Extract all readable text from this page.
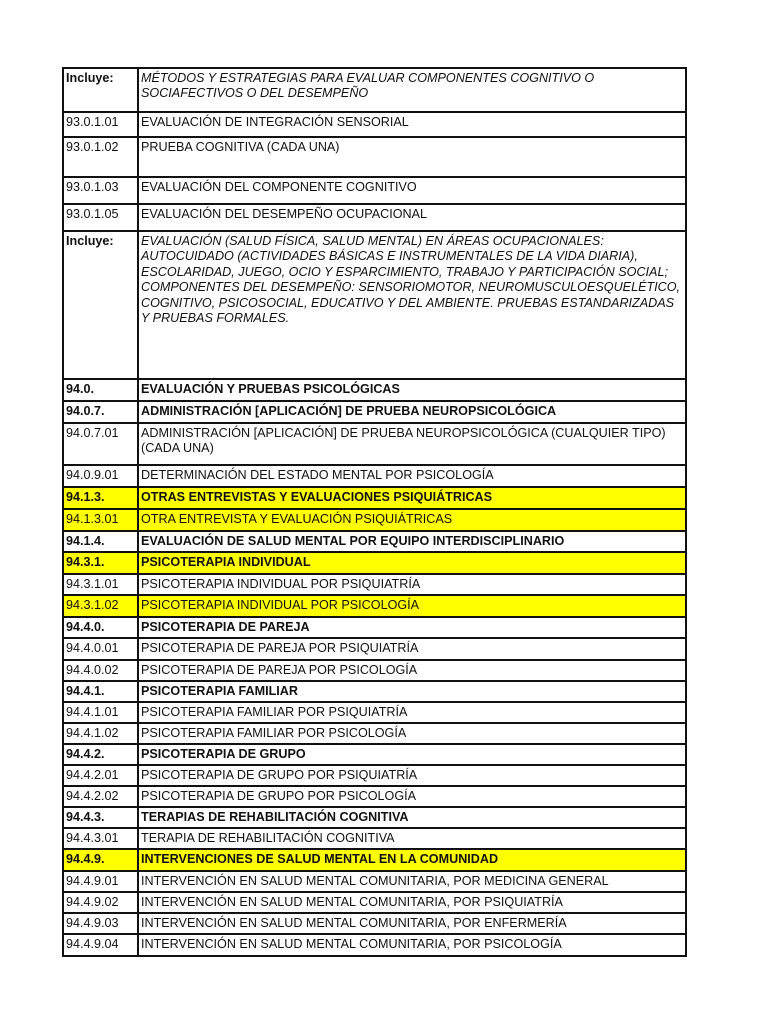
Incluye:	MÉTODOS Y ESTRATEGIAS PARA EVALUAR COMPONENTES COGNITIVO O SOCIAFECTIVOS O DEL DESEMPEÑO
93.0.1.01	EVALUACIÓN DE INTEGRACIÓN SENSORIAL
93.0.1.02	PRUEBA COGNITIVA (CADA UNA)
93.0.1.03	EVALUACIÓN DEL COMPONENTE COGNITIVO
93.0.1.05	EVALUACIÓN DEL DESEMPEÑO OCUPACIONAL
Incluye:	EVALUACIÓN (SALUD FÍSICA, SALUD MENTAL) EN ÁREAS OCUPACIONALES: AUTOCUIDADO (ACTIVIDADES BÁSICAS E INSTRUMENTALES DE LA VIDA DIARIA), ESCOLARIDAD, JUEGO, OCIO Y ESPARCIMIENTO, TRABAJO Y PARTICIPACIÓN SOCIAL; COMPONENTES DEL DESEMPEÑO: SENSORIOMOTOR, NEUROMUSCULOESQUELÉTICO, COGNITIVO, PSICOSOCIAL, EDUCATIVO Y DEL AMBIENTE. PRUEBAS ESTANDARIZADAS Y PRUEBAS FORMALES.
94.0.	EVALUACIÓN Y PRUEBAS PSICOLÓGICAS
94.0.7.	ADMINISTRACIÓN [APLICACIÓN] DE PRUEBA NEUROPSICOLÓGICA
94.0.7.01	ADMINISTRACIÓN [APLICACIÓN] DE PRUEBA NEUROPSICOLÓGICA (CUALQUIER TIPO) (CADA UNA)
94.0.9.01	DETERMINACIÓN DEL ESTADO MENTAL POR PSICOLOGÍA
94.1.3.	OTRAS ENTREVISTAS Y EVALUACIONES PSIQUIÁTRICAS
94.1.3.01	OTRA ENTREVISTA Y EVALUACIÓN PSIQUIÁTRICAS
94.1.4.	EVALUACIÓN DE SALUD MENTAL POR EQUIPO INTERDISCIPLINARIO
94.3.1.	PSICOTERAPIA INDIVIDUAL
94.3.1.01	PSICOTERAPIA INDIVIDUAL POR PSIQUIATRÍA
94.3.1.02	PSICOTERAPIA INDIVIDUAL POR PSICOLOGÍA
94.4.0.	PSICOTERAPIA DE PAREJA
94.4.0.01	PSICOTERAPIA DE PAREJA POR PSIQUIATRÍA
94.4.0.02	PSICOTERAPIA DE PAREJA POR PSICOLOGÍA
94.4.1.	PSICOTERAPIA FAMILIAR
94.4.1.01	PSICOTERAPIA FAMILIAR POR PSIQUIATRÍA
94.4.1.02	PSICOTERAPIA FAMILIAR POR PSICOLOGÍA
94.4.2.	PSICOTERAPIA DE GRUPO
94.4.2.01	PSICOTERAPIA DE GRUPO POR PSIQUIATRÍA
94.4.2.02	PSICOTERAPIA DE GRUPO POR PSICOLOGÍA
94.4.3.	TERAPIAS DE REHABILITACIÓN COGNITIVA
94.4.3.01	TERAPIA DE REHABILITACIÓN COGNITIVA
94.4.9.	INTERVENCIONES DE SALUD MENTAL EN LA COMUNIDAD
94.4.9.01	INTERVENCIÓN EN SALUD MENTAL COMUNITARIA, POR MEDICINA GENERAL
94.4.9.02	INTERVENCIÓN EN SALUD MENTAL COMUNITARIA, POR PSIQUIATRÍA
94.4.9.03	INTERVENCIÓN EN SALUD MENTAL COMUNITARIA, POR ENFERMERÍA
94.4.9.04	INTERVENCIÓN EN SALUD MENTAL COMUNITARIA, POR PSICOLOGÍA
